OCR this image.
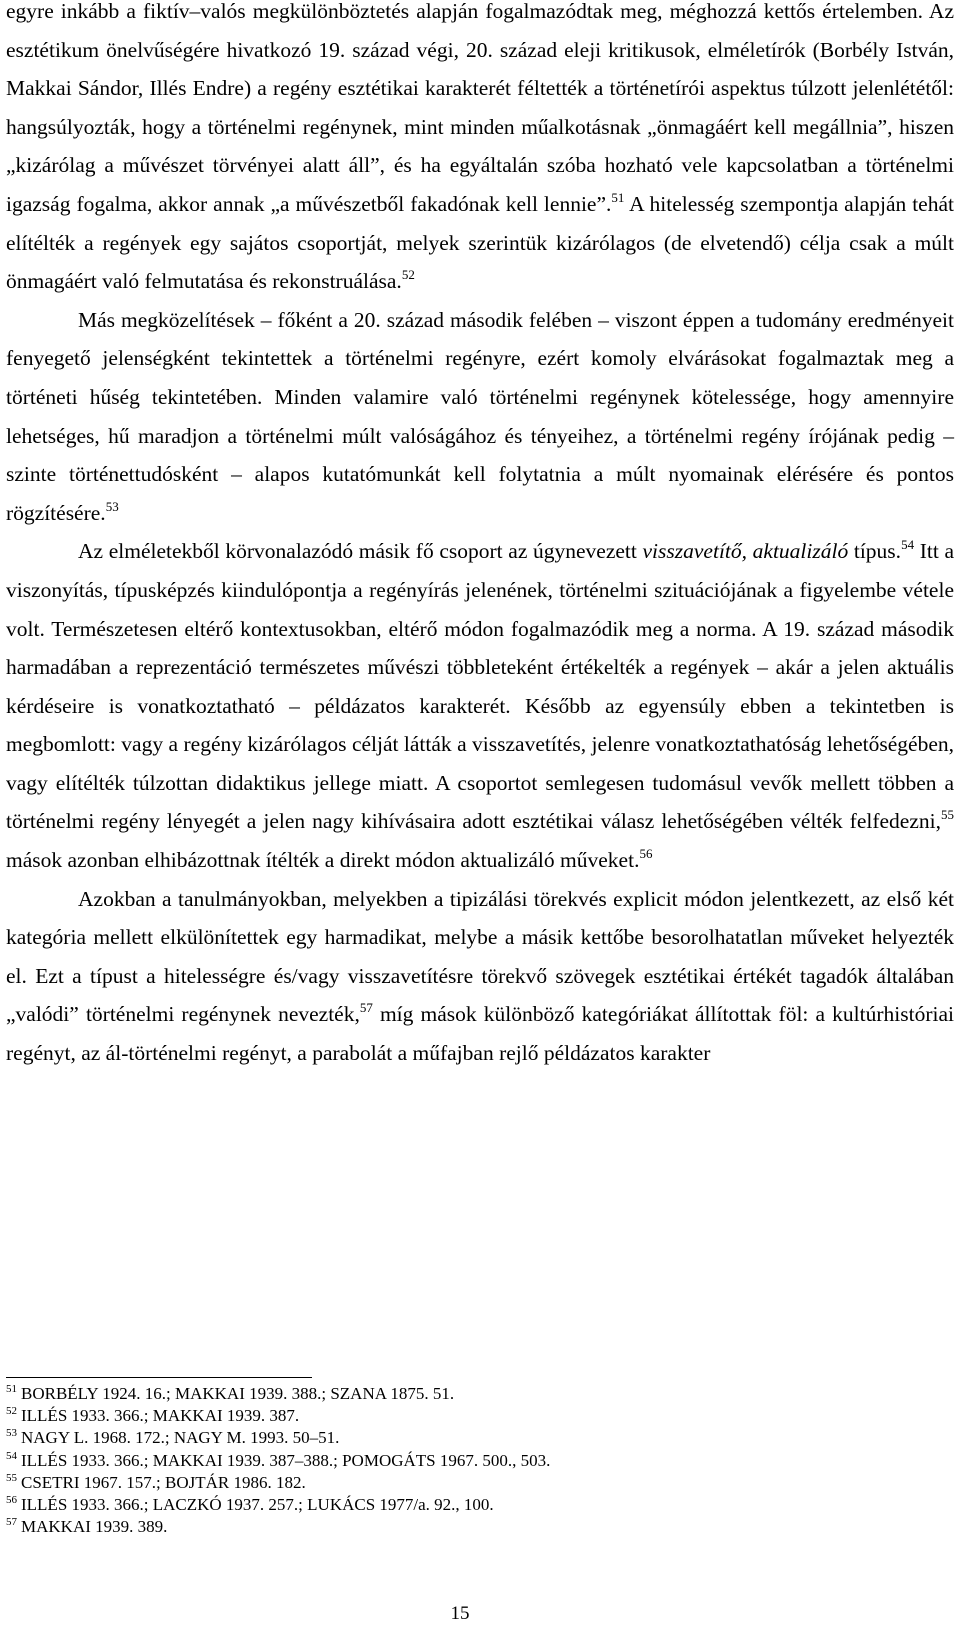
egyre inkább a fiktív–valós megkülönböztetés alapján fogalmazódtak meg, méghozzá kettős értelemben. Az esztétikum önelvűségére hivatkozó 19. század végi, 20. század eleji kritikusok, elméletírók (Borbély István, Makkai Sándor, Illés Endre) a regény esztétikai karakterét féltették a történetírói aspektus túlzott jelenlététől: hangsúlyozták, hogy a történelmi regénynek, mint minden műalkotásnak „önmagáért kell megállnia”, hiszen „kizárólag a művészet törvényei alatt áll”, és ha egyáltalán szóba hozható vele kapcsolatban a történelmi igazság fogalma, akkor annak „a művészetből fakadónak kell lennie”.$^{51}$ A hitelesség szempontja alapján tehát elítélték a regények egy sajátos csoportját, melyek szerintük kizárólagos (de elvetendő) célja csak a múlt önmagáért való felmutatása és rekonstruálása.$^{52}$

Más megközelítések – főként a 20. század második felében – viszont éppen a tudomány eredményeit fenyegető jelenségként tekintettek a történelmi regényre, ezért komoly elvárásokat fogalmaztak meg a történeti hűség tekintetében. Minden valamire való történelmi regénynek kötelessége, hogy amennyire lehetséges, hű maradjon a történelmi múlt valóságához és tényeihez, a történelmi regény írójának pedig – szinte történettudósként – alapos kutatómunkát kell folytatnia a múlt nyomainak elérésére és pontos rögzítésére.$^{53}$

Az elméletekből körvonalazódó másik fő csoport az úgynevezett visszavetítő, aktualizáló típus.$^{54}$ Itt a viszonyítás, típusképzés kiindulópontja a regényírás jelenének, történelmi szituációjának a figyelembe vétele volt. Természetesen eltérő kontextusokban, eltérő módon fogalmazódik meg a norma. A 19. század második harmadában a reprezentáció természetes művészi többleteként értékelték a regények – akár a jelen aktuális kérdéseire is vonatkoztatható – példázatos karakterét. Később az egyensúly ebben a tekintetben is megbomlott: vagy a regény kizárólagos célját látták a visszavetítés, jelenre vonatkoztathatóság lehetőségében, vagy elítélték túlzottan didaktikus jellege miatt. A csoportot semlegesen tudomásul vevők mellett többen a történelmi regény lényegét a jelen nagy kihívásaira adott esztétikai válasz lehetőségében vélték felfedezni,$^{55}$ mások azonban elhibázottnak ítélték a direkt módon aktualizáló műveket.$^{56}$

Azokban a tanulmányokban, melyekben a tipizálási törekvés explicit módon jelentkezett, az első két kategória mellett elkülönítettek egy harmadikat, melybe a másik kettőbe besorolhatatlan műveket helyezték el. Ezt a típust a hitelességre és/vagy visszavetítésre törekvő szövegek esztétikai értékét tagadók általában „valódi” történelmi regénynek nevezték,$^{57}$ míg mások különböző kategóriákat állítottak föl: a kultúrhistóriai regényt, az ál-történelmi regényt, a parabolát a műfajban rejlő példázatos karakter

$^{51}$ BORBÉLY 1924. 16.; MAKKAI 1939. 388.; SZANA 1875. 51.
$^{52}$ ILLÉS 1933. 366.; MAKKAI 1939. 387.
$^{53}$ NAGY L. 1968. 172.; NAGY M. 1993. 50–51.
$^{54}$ ILLÉS 1933. 366.; MAKKAI 1939. 387–388.; POMOGÁTS 1967. 500., 503.
$^{55}$ CSETRI 1967. 157.; BOJTÁR 1986. 182.
$^{56}$ ILLÉS 1933. 366.; LACZKÓ 1937. 257.; LUKÁCS 1977/a. 92., 100.
$^{57}$ MAKKAI 1939. 389.
15
